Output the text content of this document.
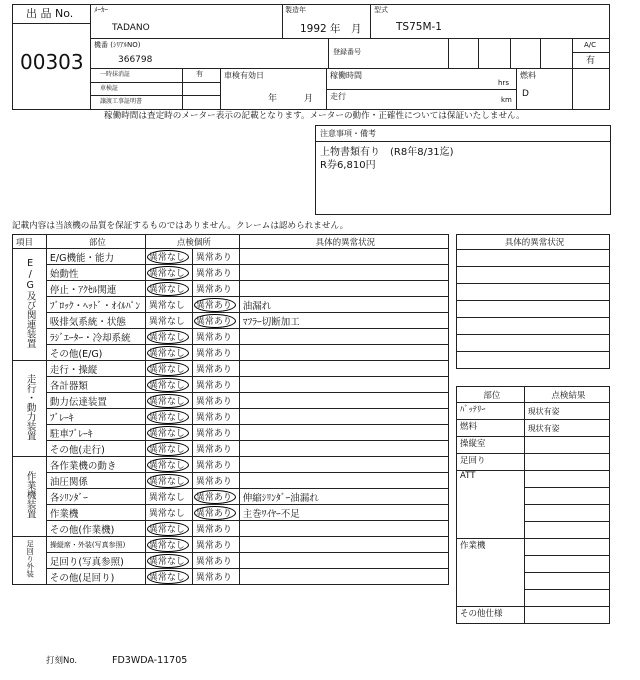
出 品 No.
00303
ﾒｰｶｰ
TADANO
製造年
1992 年　月
型式
TS75M-1
機番 (ｼﾘｱﾙNO)
366798
登録番号
A/C
有
一時抹消証	有
車検証
譲渡工事証明書
車検有効日
年　　　月
稼働時間
hrs
走行	km
燃料
D
稼働時間は査定時のメーター表示の記載となります。メーターの動作・正確性については保証いたしません。
注意事項・備考
上物書類有り　(R8年8/31迄)
R券6,810円
記載内容は当該機の品質を保証するものではありません。クレームは認められません。
項目	部位	点検個所		具体的異常状況
E/G及び関連装置	E/G機能・能力	異常なし	異常あり	
	始動性	異常なし	異常あり	
	停止・ｱｸｾﾙ関連	異常なし	異常あり	
	ﾌﾞﾛｯｸ・ﾍｯﾄﾞ・ｵｲﾙﾊﾟﾝ	異常なし	異常あり	油漏れ
	吸排気系統・状態	異常なし	異常あり	ﾏﾌﾗｰ切断加工
	ﾗｼﾞｴｰﾀｰ・冷却系統	異常なし	異常あり	
	その他(E/G)	異常なし	異常あり	
走行・動力装置	走行・操縦	異常なし	異常あり	
	各計器類	異常なし	異常あり	
	動力伝達装置	異常なし	異常あり	
	ﾌﾞﾚｰｷ	異常なし	異常あり	
	駐車ﾌﾞﾚｰｷ	異常なし	異常あり	
	その他(走行)	異常なし	異常あり	
作業機装置	各作業機の動き	異常なし	異常あり	
	油圧関係	異常なし	異常あり	
	各ｼﾘﾝﾀﾞｰ	異常なし	異常あり	伸縮ｼﾘﾝﾀﾞｰ油漏れ
	作業機	異常なし	異常あり	主巻ﾜｲﾔｰ不足
	その他(作業機)	異常なし	異常あり	
足回り外装	操縦席・外装(写真参照)	異常なし	異常あり	
	足回り(写真参照)	異常なし	異常あり	
	その他(足回り)	異常なし	異常あり	
具体的異常状況

部位	点検結果
ﾊﾞｯﾃﾘｰ	現状有姿
燃料	現状有姿
操縦室	
足回り	
ATT	

作業機	

その他仕様	
打刻No.	FD3WDA-11705
